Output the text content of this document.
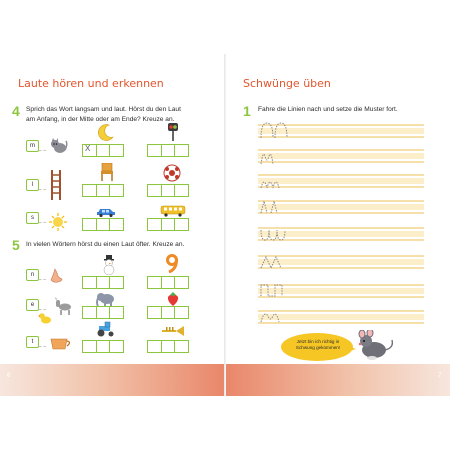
6	7
Laute hören und erkennen
4 Sprich das Wort langsam und laut. Hörst du den Laut
am Anfang, in der Mitte oder am Ende? Kreuze an.
m	X
l
s
5 In vielen Wörtern hörst du einen Laut öfter. Kreuze an.
n
e
t
Schwünge üben
1 Fahre die Linien nach und setze die Muster fort.
Jetzt bin ich richtig in Schwung gekommen!
